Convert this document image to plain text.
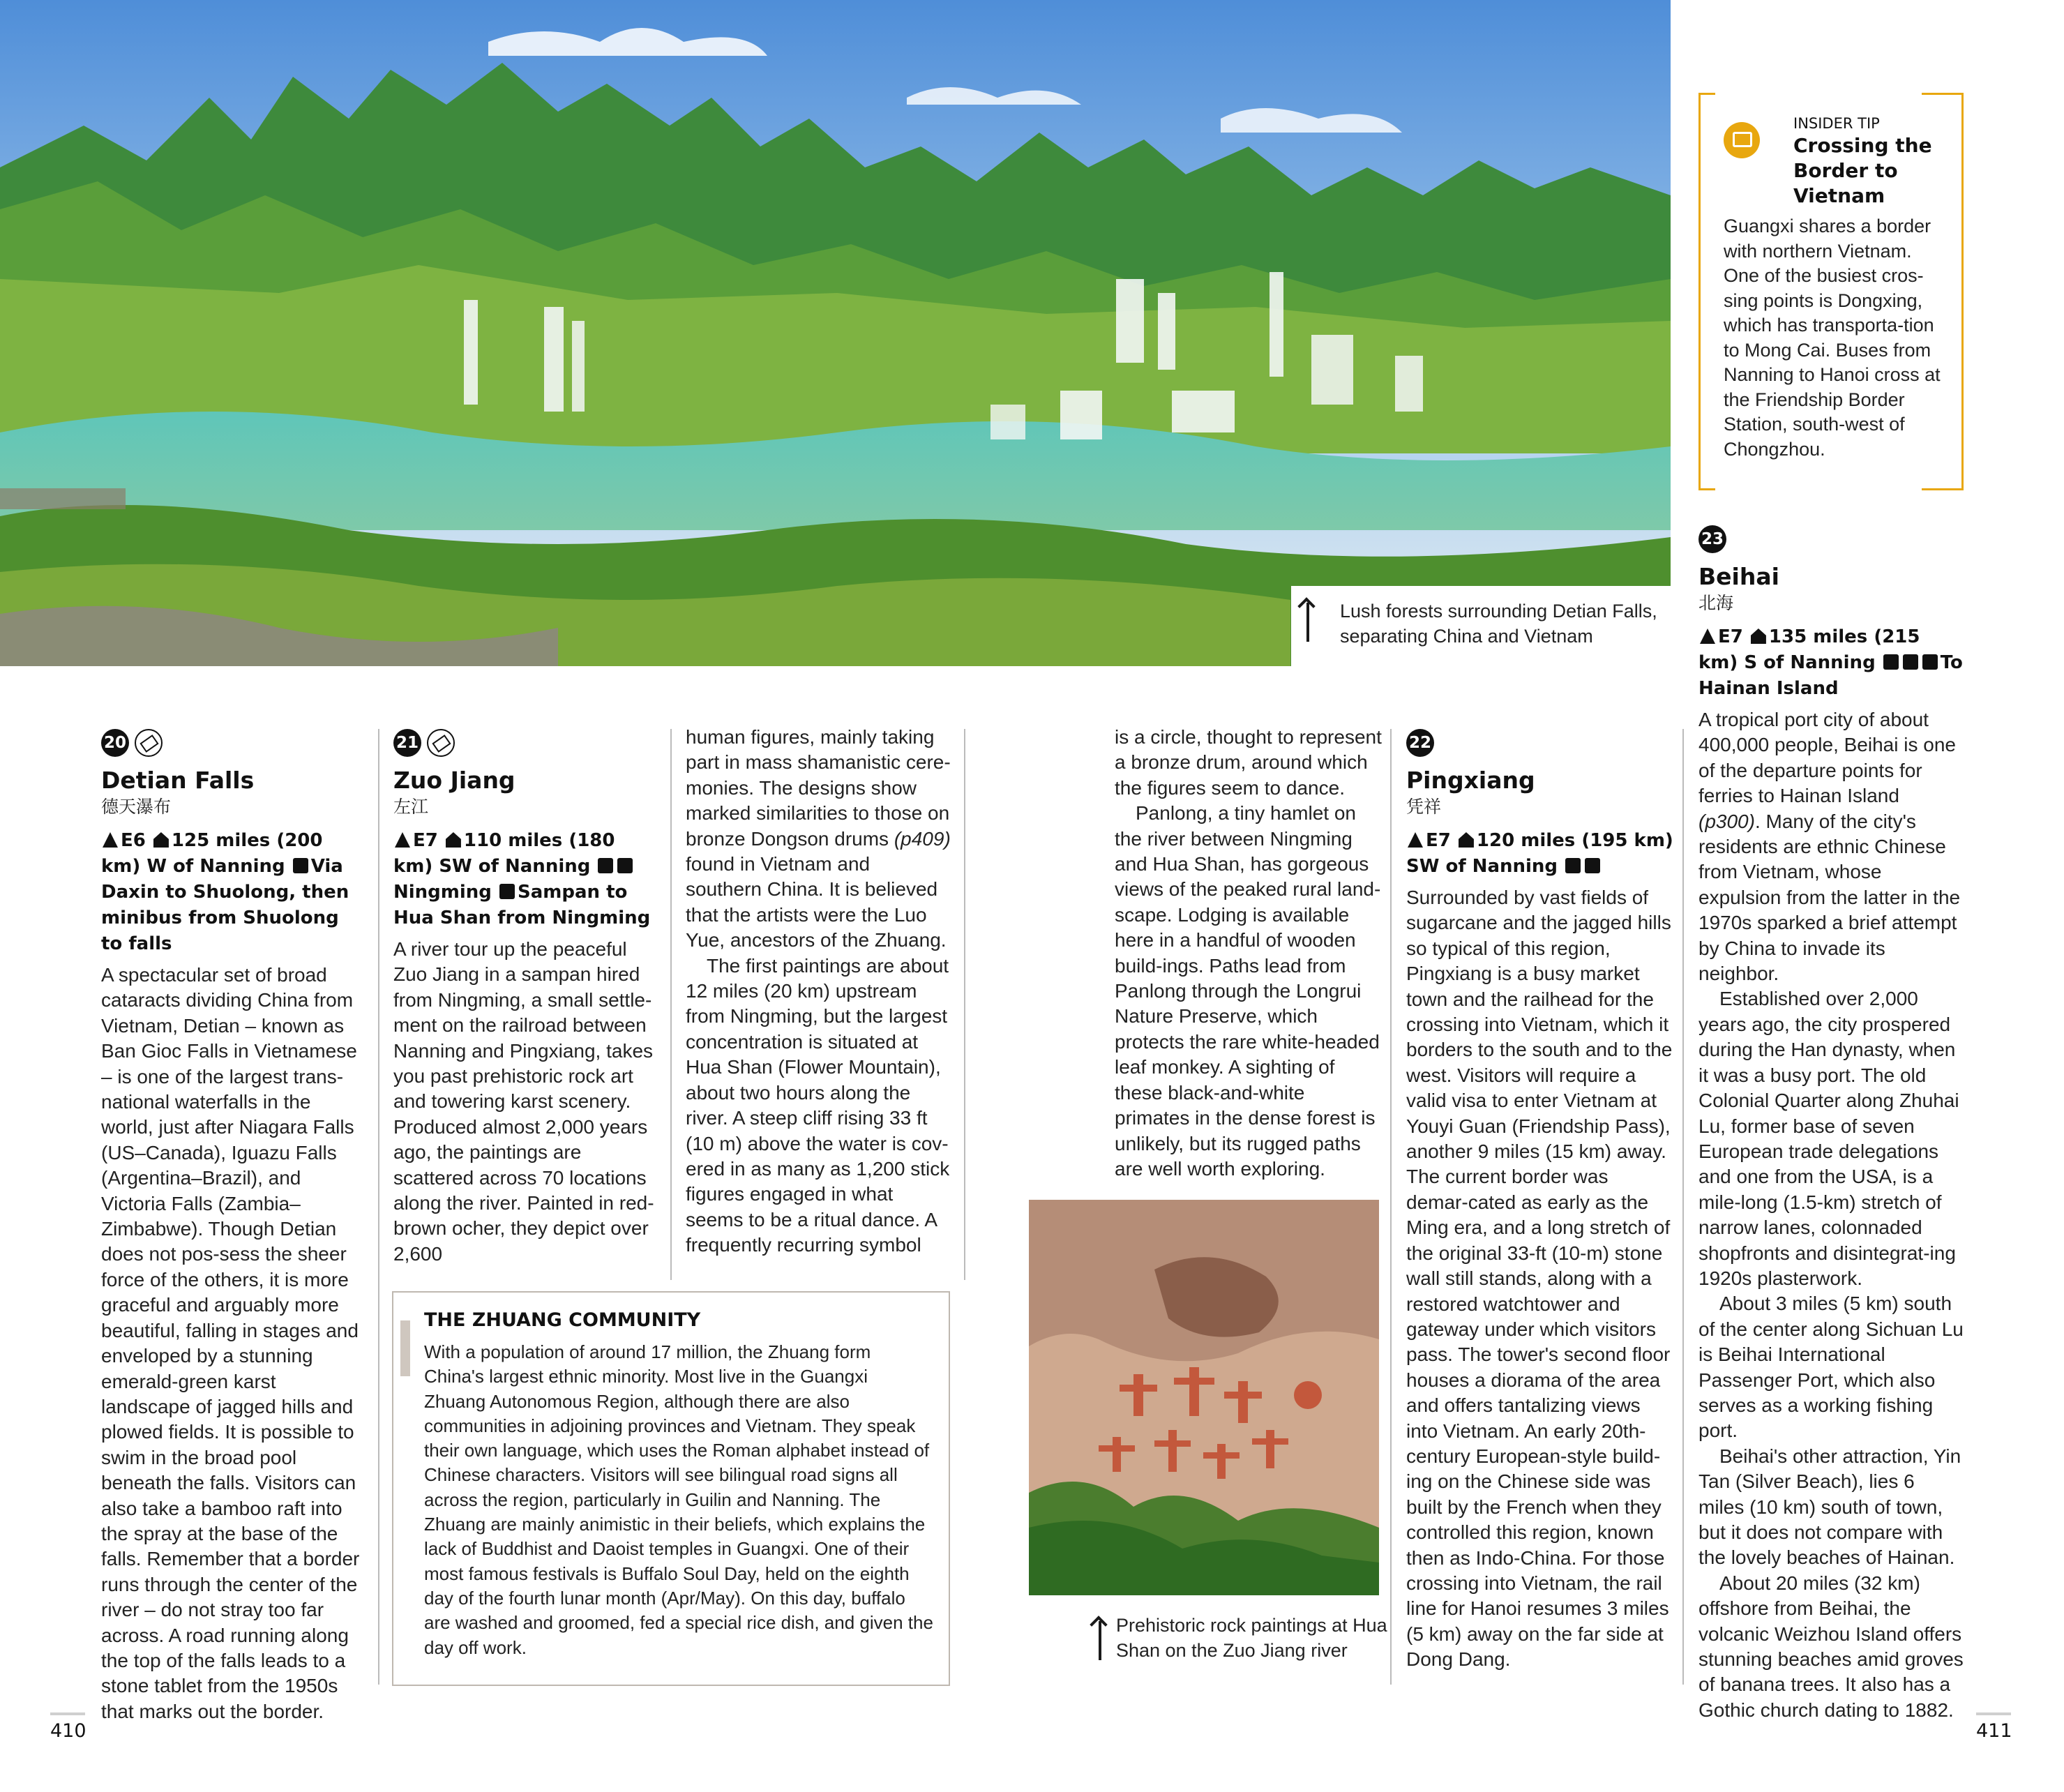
Lush forests surrounding Detian Falls, separating China and Vietnam
20
Detian Falls
德天瀑布
E6 125 miles (200 km) W of Nanning Via Daxin to Shuolong, then minibus from Shuolong to falls

A spectacular set of broad cataracts dividing China from Vietnam, Detian – known as Ban Gioc Falls in Vietnamese – is one of the largest trans-national waterfalls in the world, just after Niagara Falls (US–Canada), Iguazu Falls (Argentina–Brazil), and Victoria Falls (Zambia–Zimbabwe). Though Detian does not pos-sess the sheer force of the others, it is more graceful and arguably more beautiful, falling in stages and enveloped by a stunning emerald-green karst landscape of jagged hills and plowed fields. It is possible to swim in the broad pool beneath the falls. Visitors can also take a bamboo raft into the spray at the base of the falls. Remember that a border runs through the center of the river – do not stray too far across. A road running along the top of the falls leads to a stone tablet from the 1950s that marks out the border.

21
Zuo Jiang
左江
E7 110 miles (180 km) SW of Nanning Ningming Sampan to Hua Shan from Ningming

A river tour up the peaceful Zuo Jiang in a sampan hired from Ningming, a small settle-ment on the railroad between Nanning and Pingxiang, takes you past prehistoric rock art and towering karst scenery. Produced almost 2,000 years ago, the paintings are scattered across 70 locations along the river. Painted in red-brown ocher, they depict over 2,600

human figures, mainly taking part in mass shamanistic cere-monies. The designs show marked similarities to those on bronze Dongson drums (p409) found in Vietnam and southern China. It is believed that the artists were the Luo Yue, ancestors of the Zhuang.

The first paintings are about 12 miles (20 km) upstream from Ningming, but the largest concentration is situated at Hua Shan (Flower Mountain), about two hours along the river. A steep cliff rising 33 ft (10 m) above the water is cov-ered in as many as 1,200 stick figures engaged in what seems to be a ritual dance. A frequently recurring symbol

THE ZHUANG COMMUNITY

With a population of around 17 million, the Zhuang form China's largest ethnic minority. Most live in the Guangxi Zhuang Autonomous Region, although there are also communities in adjoining provinces and Vietnam. They speak their own language, which uses the Roman alphabet instead of Chinese characters. Visitors will see bilingual road signs all across the region, particularly in Guilin and Nanning. The Zhuang are mainly animistic in their beliefs, which explains the lack of Buddhist and Daoist temples in Guangxi. One of their most famous festivals is Buffalo Soul Day, held on the eighth day of the fourth lunar month (Apr/May). On this day, buffalo are washed and groomed, fed a special rice dish, and given the day off work.

is a circle, thought to represent a bronze drum, around which the figures seem to dance.

Panlong, a tiny hamlet on the river between Ningming and Hua Shan, has gorgeous views of the peaked rural land-scape. Lodging is available here in a handful of wooden build-ings. Paths lead from Panlong through the Longrui Nature Preserve, which protects the rare white-headed leaf monkey. A sighting of these black-and-white primates in the dense forest is unlikely, but its rugged paths are well worth exploring.

Prehistoric rock paintings at Hua Shan on the Zuo Jiang river
22
Pingxiang
凭祥
E7 120 miles (195 km) SW of Nanning

Surrounded by vast fields of sugarcane and the jagged hills so typical of this region, Pingxiang is a busy market town and the railhead for the crossing into Vietnam, which it borders to the south and to the west. Visitors will require a valid visa to enter Vietnam at Youyi Guan (Friendship Pass), another 9 miles (15 km) away. The current border was demar-cated as early as the Ming era, and a long stretch of the original 33-ft (10-m) stone wall still stands, along with a restored watchtower and gateway under which visitors pass. The tower's second floor houses a diorama of the area and offers tantalizing views into Vietnam. An early 20th-century European-style build-ing on the Chinese side was built by the French when they controlled this region, known then as Indo-China. For those crossing into Vietnam, the rail line for Hanoi resumes 3 miles (5 km) away on the far side at Dong Dang.

INSIDER TIP
Crossing the Border to Vietnam
Guangxi shares a border with northern Vietnam. One of the busiest cros-sing points is Dongxing, which has transporta-tion to Mong Cai. Buses from Nanning to Hanoi cross at the Friendship Border Station, south-west of Chongzhou.
23
Beihai
北海
E7 135 miles (215 km) S of Nanning	To Hainan Island

A tropical port city of about 400,000 people, Beihai is one of the departure points for ferries to Hainan Island (p300). Many of the city's residents are ethnic Chinese from Vietnam, whose expulsion from the latter in the 1970s sparked a brief attempt by China to invade its neighbor.

Established over 2,000 years ago, the city prospered during the Han dynasty, when it was a busy port. The old Colonial Quarter along Zhuhai Lu, former base of seven European trade delegations and one from the USA, is a mile-long (1.5-km) stretch of narrow lanes, colonnaded shopfronts and disintegrat-ing 1920s plasterwork.

About 3 miles (5 km) south of the center along Sichuan Lu is Beihai International Passenger Port, which also serves as a working fishing port.

Beihai's other attraction, Yin Tan (Silver Beach), lies 6 miles (10 km) south of town, but it does not compare with the lovely beaches of Hainan.

About 20 miles (32 km) offshore from Beihai, the volcanic Weizhou Island offers stunning beaches amid groves of banana trees. It also has a Gothic church dating to 1882.

410	411
